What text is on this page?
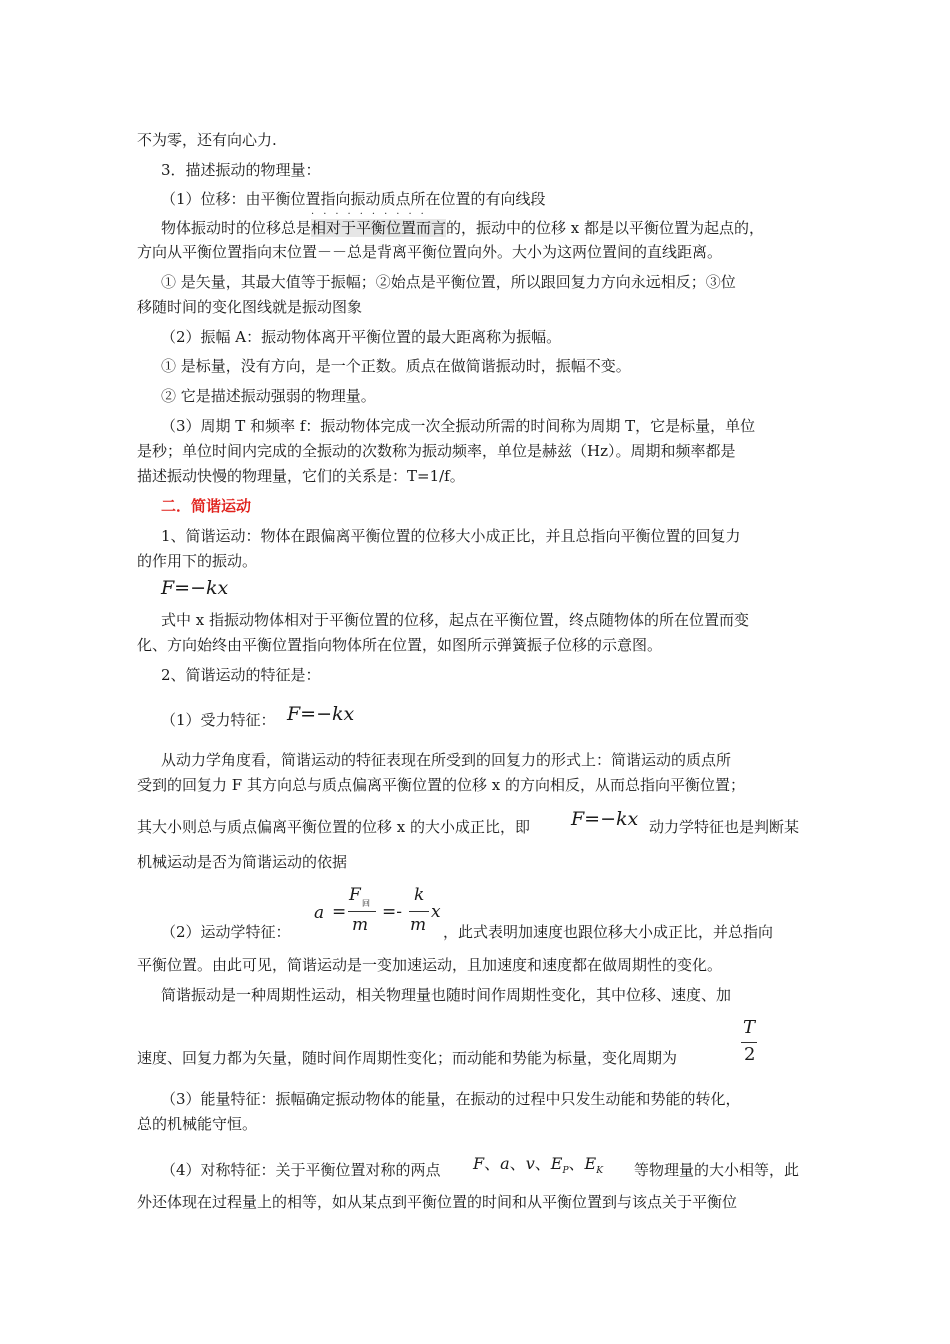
不为零，还有向心力.
3．描述振动的物理量：
（1）位移：由平衡位置指向振动质点所在位置的有向线段
物体振动时的位移总是
··········
相对于平衡位置而言的，振动中的位移 x 都是以平衡位置为起点的，
方向从平衡位置指向末位置－－总是背离平衡位置向外。大小为这两位置间的直线距离。
① 是矢量，其最大值等于振幅；②始点是平衡位置，所以跟回复力方向永远相反；③位
移随时间的变化图线就是振动图象
（2）振幅 A：振动物体离开平衡位置的最大距离称为振幅。
① 是标量，没有方向，是一个正数。质点在做简谐振动时，振幅不变。
② 它是描述振动强弱的物理量。
（3）周期 T 和频率 f：振动物体完成一次全振动所需的时间称为周期 T，它是标量，单位
是秒；单位时间内完成的全振动的次数称为振动频率，单位是赫兹（Hz）。周期和频率都是
描述振动快慢的物理量，它们的关系是：T=1/f。
二．简谐运动
1、简谐运动：物体在跟偏离平衡位置的位移大小成正比，并且总指向平衡位置的回复力
的作用下的振动。
F=−kx
式中 x 指振动物体相对于平衡位置的位移，起点在平衡位置，终点随物体的所在位置而变
化、方向始终由平衡位置指向物体所在位置，如图所示弹簧振子位移的示意图。
2、简谐运动的特征是：
（1）受力特征： F=−kx
从动力学角度看，简谐运动的特征表现在所受到的回复力的形式上：简谐运动的质点所
受到的回复力 F 其方向总与质点偏离平衡位置的位移 x 的方向相反，从而总指向平衡位置；
其大小则总与质点偏离平衡位置的位移 x 的大小成正比，即 F=−kx 动力学特征也是判断某
机械运动是否为简谐运动的依据
（2）运动学特征：
a =
F 回
m
=-
k
m
x
，此式表明加速度也跟位移大小成正比，并总指向
平衡位置。由此可见，简谐运动是一变加速运动，且加速度和速度都在做周期性的变化。
简谐振动是一种周期性运动，相关物理量也随时间作周期性变化，其中位移、速度、加
速度、回复力都为矢量，随时间作周期性变化；而动能和势能为标量，变化周期为
T
2
（3）能量特征：振幅确定振动物体的能量，在振动的过程中只发生动能和势能的转化，
总的机械能守恒。
（4）对称特征：关于平衡位置对称的两点 F、a、v、$E_P$、$E_K$ 等物理量的大小相等，此
外还体现在过程量上的相等，如从某点到平衡位置的时间和从平衡位置到与该点关于平衡位
